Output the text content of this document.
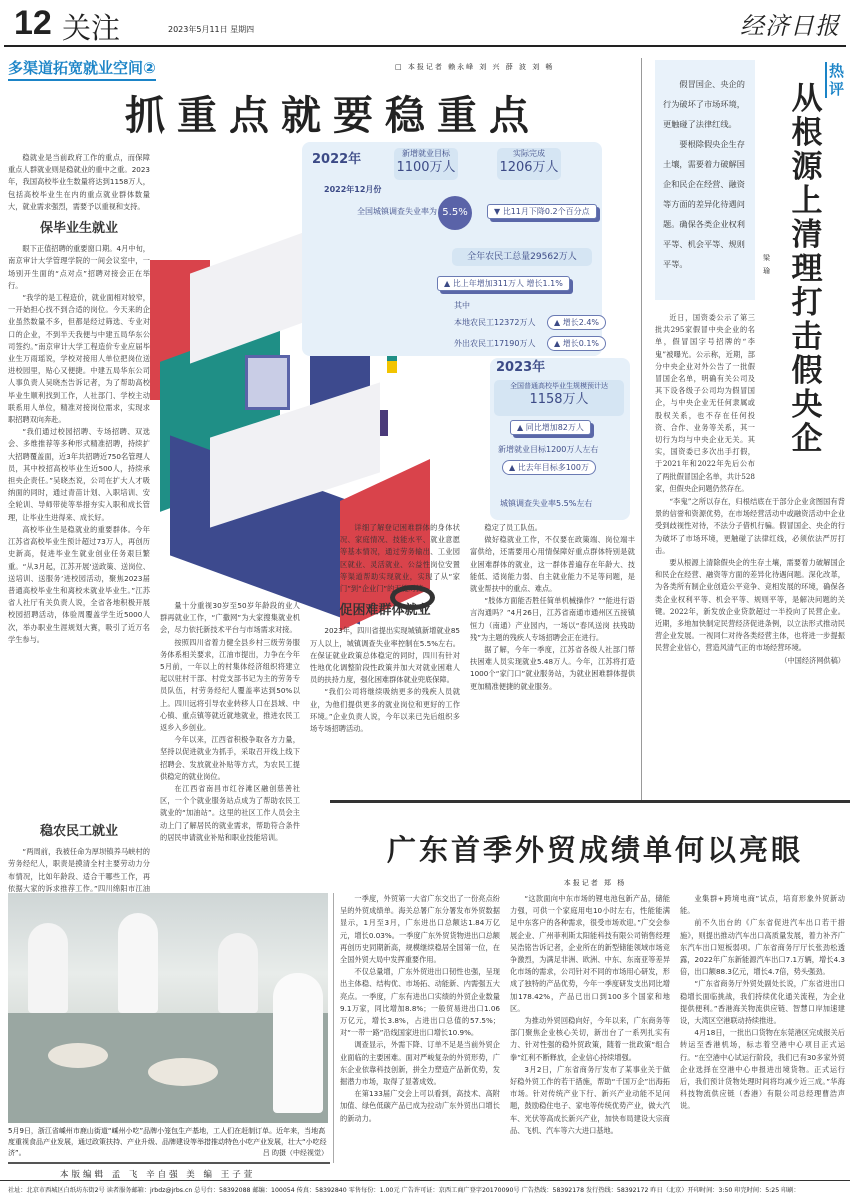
12 关注	2023年5月11日 星期四	经济日报
多渠道拓宽就业空间②	□ 本报记者 赖永峰 刘 兴 薛 波 刘 畅
抓重点就要稳重点

稳就业是当前政府工作的重点，而保障重点人群就业则是稳就业的重中之重。2023年，我国高校毕业生数量将达到1158万人，包括高校毕业生在内的重点就业群体数量大，就业需求强烈，需要予以重视和支持。

保毕业生就业

眼下正值招聘的重要窗口期。4月中旬，南京审计大学管理学院的一间会议室中，一场别开生面的“点对点”招聘对接会正在举行。

“我学的是工程造价，就业面相对较窄，一开始担心找不到合适的岗位。今天来的企业虽然数量不多，但都是经过筛选、专业对口的企业，不到半天我便与中建五局华东公司签约。”南京审计大学工程造价专业应届毕业生万雨瑶说，学校对接用人单位把岗位送进校园里，贴心又便捷。中建五局华东公司人事负责人吴晓杰告诉记者，为了帮助高校毕业生顺利找到工作，人社部门、学校主动联系用人单位，精准对接岗位需求，实现求职招聘双向奔赴。

“我们通过校园招聘、专场招聘、双选会、多维推荐等多种形式精准招聘，持续扩大招聘覆盖面，近3年共招聘近750名管理人员，其中校招高校毕业生近500人，持续承担央企责任。”吴晓杰说，公司在扩大人才吸纳面的同时，通过青苗计划、入职培训、安全轮训、导师带徒等举措夯实入职和成长管理，让毕业生进得来、成长好。

高校毕业生是稳就业的重要群体。今年江苏省高校毕业生预计超过73万人，再创历史新高，促进毕业生就业创业任务艰巨繁重。“从3月起，江苏开展‘送政策、送岗位、送培训、送服务’进校园活动，聚焦2023届普通高校毕业生和离校未就业毕业生。”江苏省人社厅有关负责人说，全省各地积极开展校园招聘活动，体验周覆盖学生近5000人次，举办职业生涯规划大赛，吸引了近万名学生参与。

稳农民工就业

“两周前，我被任命为厚坝镇养马峡村的劳务经纪人，职责是摸清全村主要劳动力分布情况，比如年龄段、适合干哪些工作，再依据大家的诉求推荐工作。”四川绵阳市江油

2022年	新增就业目标
1100万人
实际完成
1206万人
2022年12月份
全国城镇调查失业率为 5.5%	▼ 比11月下降0.2个百分点
全年农民工总量29562万人
▲ 比上年增加311万人 增长1.1%
其中
本地农民工12372万人	▲ 增长2.4%
外出农民工17190万人	▲ 增长0.1%
2023年
全国普通高校毕业生规模预计达
1158万人
▲ 同比增加82万人
新增就业目标1200万人左右
▲ 比去年目标多100万
城镇调查失业率5.5%左右

量十分重视30岁至50岁年龄段的业人群再就业工作，“广撒网”为大家搜集就业机会，尽力依托新技术平台与市场需求对接。

按照四川省着力健全县乡村三级劳务服务体系相关要求，江油市提出，力争在今年5月前，一年以上的村集体经济组织将建立起以驻村干部、村党支部书记为主的劳务专员队伍，村劳务经纪人覆盖率达到50%以上。四川远将引导农业转移人口在县域、中心镇、重点镇等就近就地就业，推进农民工返乡入乡创业。

今年以来，江西省积极争取各方力量，坚持以促进就业为抓手，采取召开线上线下招聘会、发放就业补贴等方式，为农民工提供稳定的就业岗位。

在江西省南昌市红谷滩区融创慈善社区，一个个就业服务站点成为了帮助农民工就业的“加油站”。这里的社区工作人员会主动上门了解居民的就业需求，帮助符合条件的居民申请就业补贴和职业技能培训。

详细了解登记困难群体的身体状况、家庭情况、技能水平、就业意愿等基本情况，通过劳务输出、工业园区就业、灵活就业、公益性岗位安置等渠道帮助实现就业，实现了从“家门”到“企业门”的无缝对接。

促困难群体就业

2023年，四川省提出实现城镇新增就业85万人以上，城镇调查失业率控制在5.5%左右。在保证就业政策总体稳定的同时，四川有针对性地优化调整阶段性政策并加大对就业困难人员的扶持力度，强化困难群体就业兜底保障。

“我们公司将继续吸纳更多的残疾人员就业，为他们提供更多的就业岗位和更好的工作环境。”企业负责人说，今年以来已先后组织多场专场招聘活动。

稳定了员工队伍。

做好稳就业工作，不仅要在政策端、岗位端丰富供给，还需要用心用情保障好重点群体特别是就业困难群体的就业，这一群体普遍存在年龄大、技能低、适岗能力弱、自主就业能力不足等问题，是就业帮扶中的重点、难点。

“肢体方面能否胜任简单机械操作？”“能进行语言沟通吗？”4月26日，江苏省南通市通州区五接镇恒力（南通）产业园内，一场以“春风送岗 扶残助残”为主题的残疾人专场招聘会正在进行。

据了解，今年一季度，江苏省各级人社部门帮扶困难人员实现就业5.48万人。今年，江苏将打造1000个“家门口”就业服务站，为就业困难群体提供更加精准便捷的就业服务。

假冒国企、央企的行为破坏了市场环境，更触碰了法律红线。

要根除假央企生存土壤，需要着力破解国企和民企在经营、融资等方面的差异化待遇问题。确保各类企业权利平等、机会平等、规则平等。

热评
从根源上清理打击假央企
梁 瑜

近日，国资委公示了第三批共295家假冒中央企业的名单，假冒国字号招牌的“李鬼”被曝光。公示称，近期，部分中央企业对外公告了一批假冒国企名单，明确有关公司及其下设各级子公司均为假冒国企，与中央企业无任何隶属或股权关系，也不存在任何投资、合作、业务等关系，其一切行为均与中央企业无关。其实，国资委已多次出手打假，于2021年和2022年先后公布了两批假冒国企名单，共计528家，但假央企问题仍然存在。

“李鬼”之所以存在，归根结底在于部分企业贪图国有背景的信誉和资源优势，在市场经营活动中或融资活动中企业受到歧视性对待，不法分子借机行骗。假冒国企、央企的行为破坏了市场环境，更触碰了法律红线，必须依法严厉打击。

要从根源上清除假央企的生存土壤，需要着力破解国企和民企在经营、融资等方面的差异化待遇问题。深化改革，为各类所有制企业创造公平竞争、竞相发展的环境，确保各类企业权利平等、机会平等、规则平等，是解决问题的关键。2022年，新发放企业贷款超过一半投向了民营企业。近期，多地加快制定民营经济促进条例，以立法形式推动民营企业发展。一视同仁对待各类经营主体，也将进一步提振民营企业信心，营造风清气正的市场经营环境。

（中国经济网供稿）
广东首季外贸成绩单何以亮眼
本报记者 郑 杨

一季度，外贸第一大省广东交出了一份亮点纷呈的外贸成绩单。海关总署广东分署发布外贸数据显示，1月至3月，广东进出口总额达1.84万亿元，增长0.03%。一季度广东外贸货物进出口总额再创历史同期新高，规模继续稳居全国第一位，在全国外贸大局中发挥重要作用。

不仅总量增，广东外贸进出口韧性也强，呈现出主体稳、结构优、市场拓、动能新、内需强五大亮点。一季度，广东有进出口实绩的外贸企业数量9.1万家，同比增加8.8%；一般贸易进出口1.06万亿元，增长3.8%，占进出口总值的57.5%；对“一带一路”沿线国家进出口增长10.9%。

调查显示，外需下降、订单不足是当前外贸企业面临的主要困难。面对严峻复杂的外贸形势，广东企业依靠科技创新，拼全力塑造产品新优势，发掘潜力市场，取得了显著成效。

在第133届广交会上可以看到，高技术、高附加值、绿色低碳产品已成为拉动广东外贸出口增长的新动力。

“这款面向中东市场的锂电池包新产品，储能力强，可供一个家庭用电10小时左右，性能能满足中东客户的各种需求，很受市场欢迎。”广交会参展企业、广州菲利斯太阳能科技有限公司销售经理吴浩铭告诉记者，企业所在的新型储能领域市场竞争激烈，为满足非洲、欧洲、中东、东南亚等差异化市场的需求，公司针对不同的市场用心研发，形成了独特的产品优势，今年一季度研发支出同比增加178.42%，产品已出口到100多个国家和地区。

为推动外贸回稳向好，今年以来，广东商务等部门聚焦企业核心关切，新出台了一系列扎实有力、针对性强的稳外贸政策，随着一批政策“组合拳”红利不断释放，企业信心持续增强。

3月2日，广东省商务厅发布了某事业关于做好稳外贸工作的若干措施，帮助“千国万企”出海拓市场。针对传统产业下行、新兴产业动能不足问题，鼓励稳住电子、家电等传统优势产业，做大汽车、光伏等高成长新兴产业，加快布局建设大宗商品、飞机、汽车等六大进口基地。

业集群+跨境电商”试点，培育形象外贸新动能。

前不久出台的《广东省促进汽车出口若干措施》，则提出推动汽车出口高质量发展，着力补齐广东汽车出口短板弱项。广东省商务厅厅长张劲松透露，2022年广东新能源汽车出口7.1万辆，增长4.3倍，出口额88.3亿元，增长4.7倍，势头强劲。

“广东省商务厅外贸处副处长说，广东省进出口稳增长面临挑战，我们持续优化通关流程，为企业提供便利。”香港海关物流供应链、智慧口岸加速建设，大湾区空港联动持续推进。

4月18日，一批出口货物在东莞港区完成报关后转运至香港机场，标志着空港中心项目正式运行。“在空港中心试运行阶段，我们已有30多家外贸企业选择在空港中心申报进出境货物。正式运行后，我们预计货物处理时间将均减少近三成。”华海科技物流供应链（香港）有限公司总经理曹浩声说。

5月9日，浙江省嵊州市鹿山街道“嵊州小吃”品牌小笼包生产基地，工人们在赶制订单。近年来，当地高度重视食品产业发展，通过政策扶持、产业升级、品牌建设等举措推动特色小吃产业发展，壮大“小吃经济”。	吕 昀摄（中经视觉）
本版编辑 孟 飞 辛自强 美 编 王子萱
社址：北京市西城区白纸坊东街2号 读者服务邮箱：jrbdz@jrbs.cn 总号台：58392088 邮编：100054 传真：58392840 零售每份：1.00元 广告许可证：京西工商广登字20170090号 广告热线：58392178 发行热线：58392172 昨日（北京）开印时间：3:50 印完时间：5:25 印刷：
